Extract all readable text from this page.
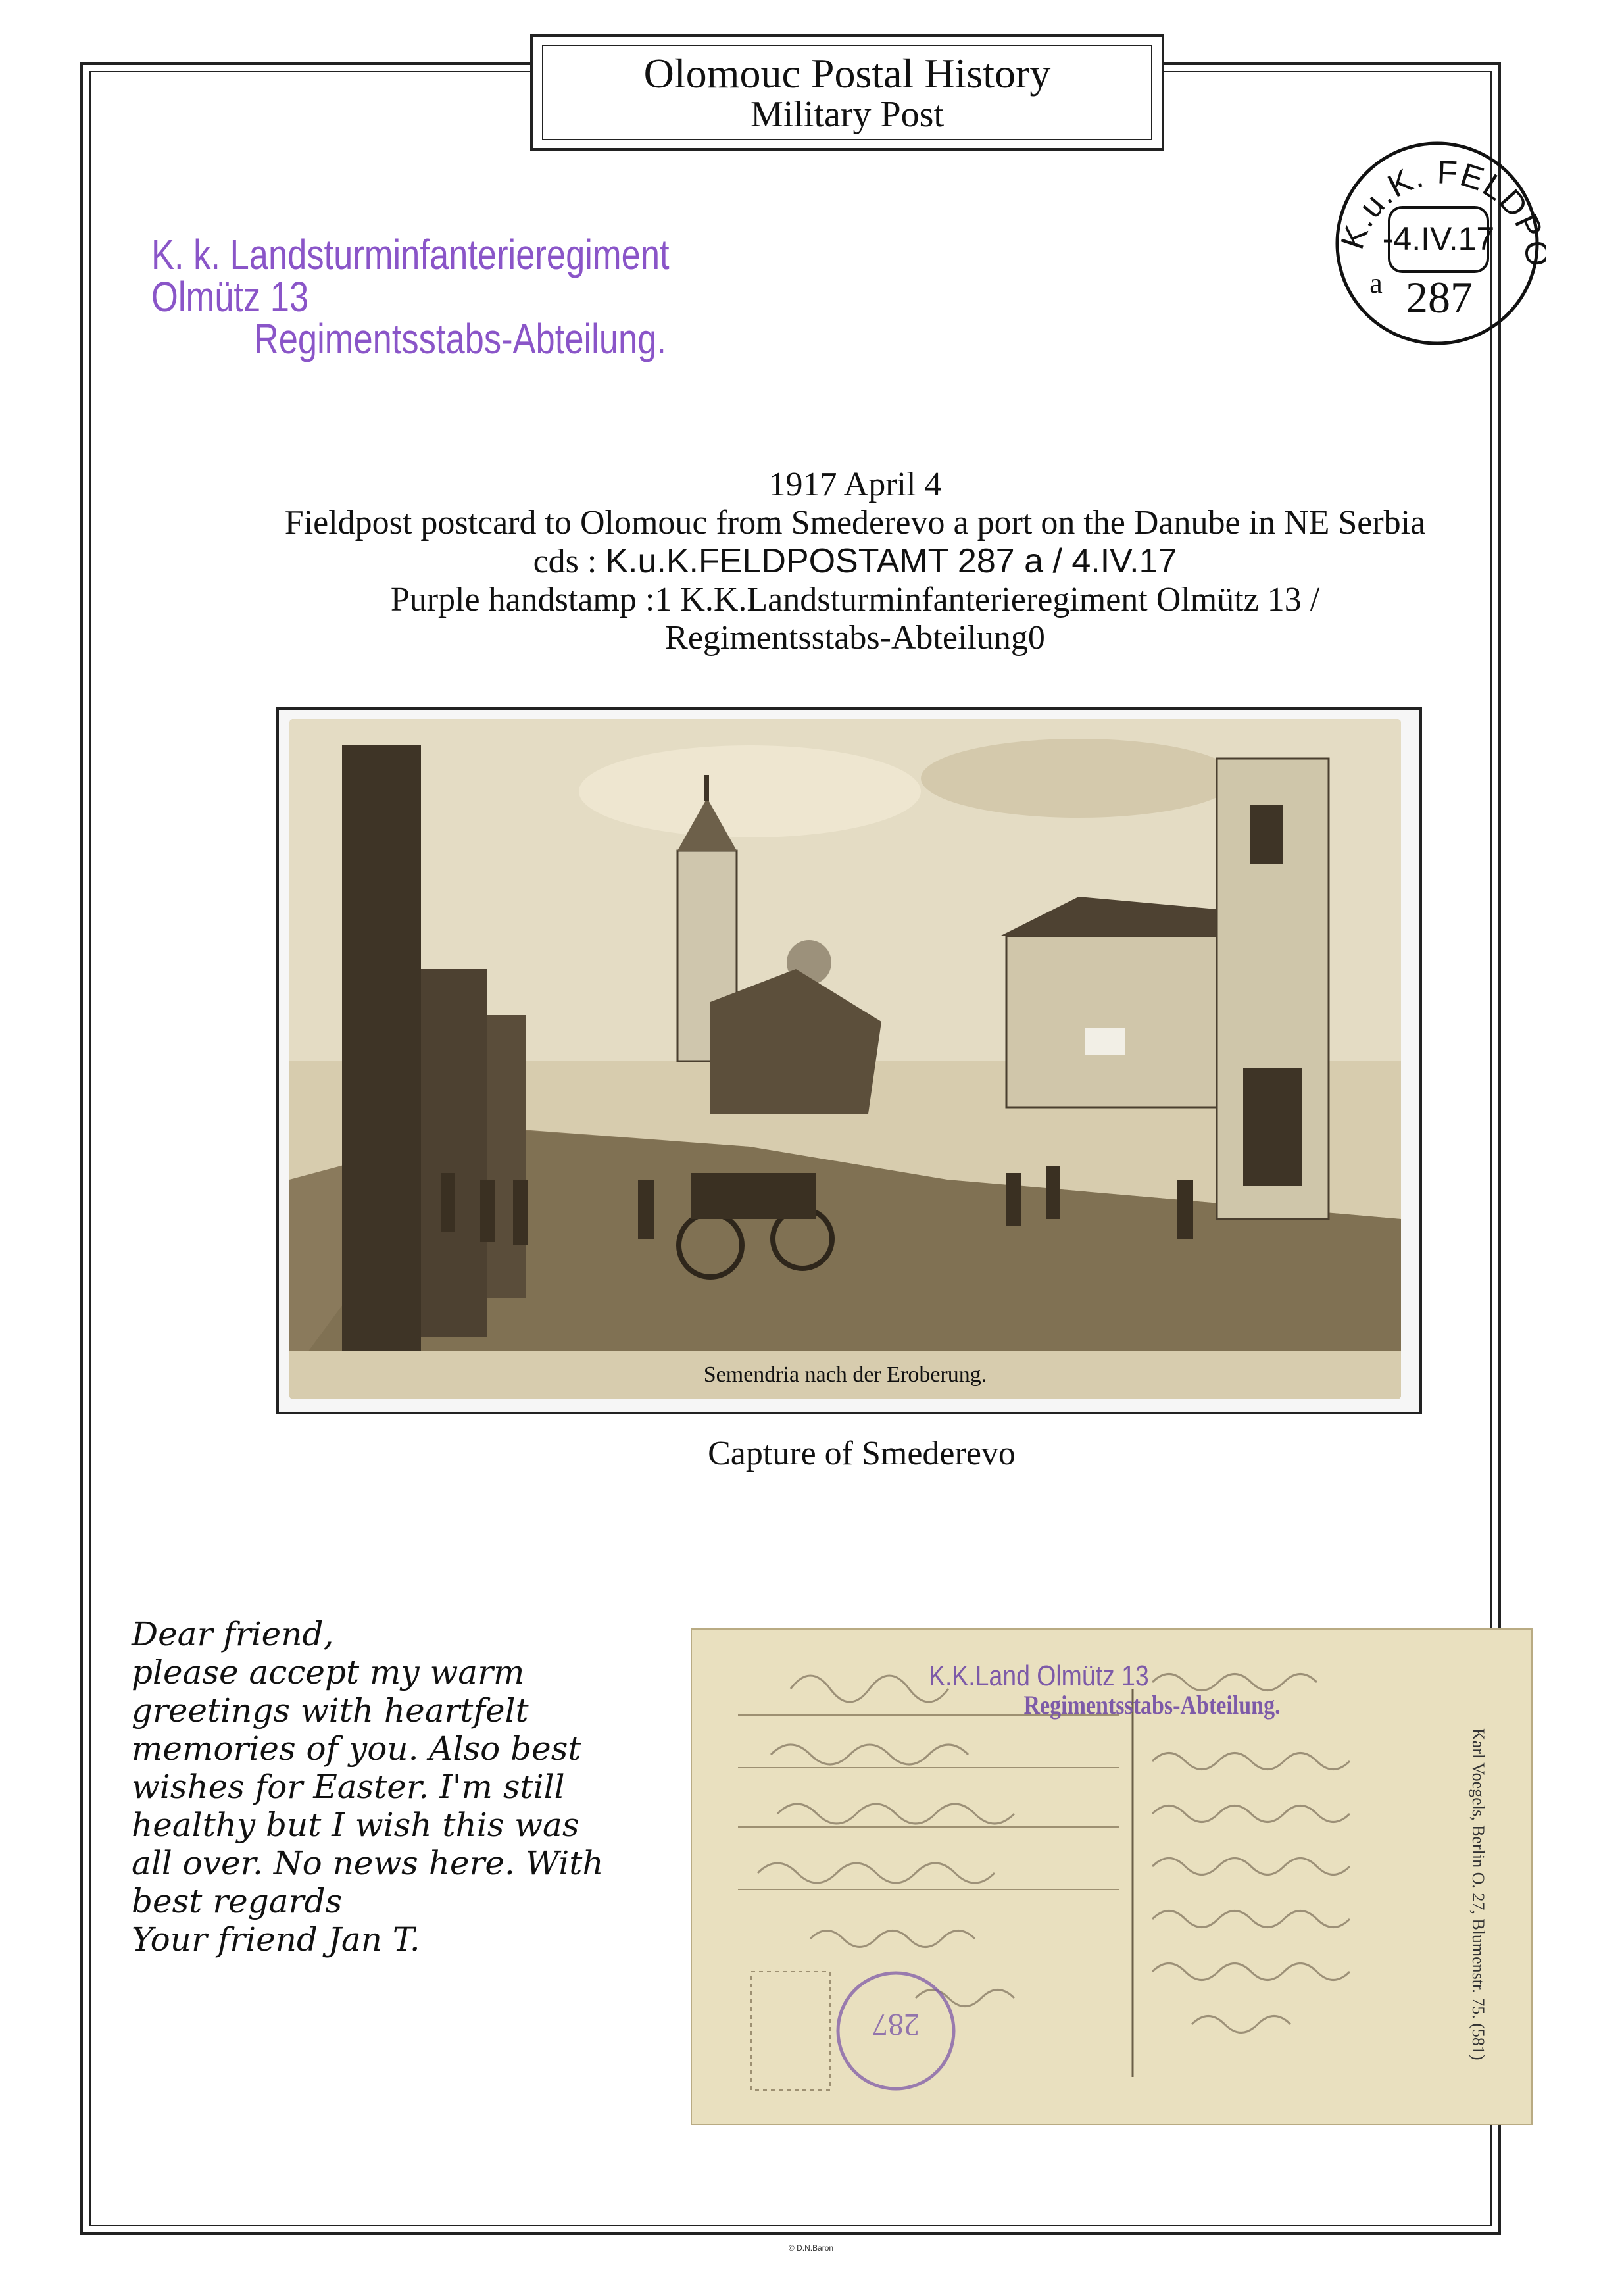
Olomouc Postal History
Military Post
K. k. Landsturminfanterieregiment Olmütz 13
Regimentsstabs-Abteilung.
K.u.K. FELD
-4.IV.17
a 287
1917 April 4
Fieldpost postcard to Olomouc from Smederevo a port on the Danube in NE Serbia
cds : K.u.K.FELDPOSTAMT 287 a / 4.IV.17
Purple handstamp :1 K.K.Landsturminfanterieregiment Olmütz 13 /
Regimentsstabs-Abteilung0
Semendria nach der Eroberung.
Capture of Smederevo
Dear friend,
please accept my warm
greetings with heartfelt
memories of you. Also best
wishes for Easter. I'm still
healthy but I wish this was
all over. No news here. With
best regards
Your friend Jan T.
287
K.K.Land Olmütz 13
Regimentsstabs-Abteilung.
Karl Voegels, Berlin O. 27, Blumenstr. 75. (581)
© D.N.Baron
